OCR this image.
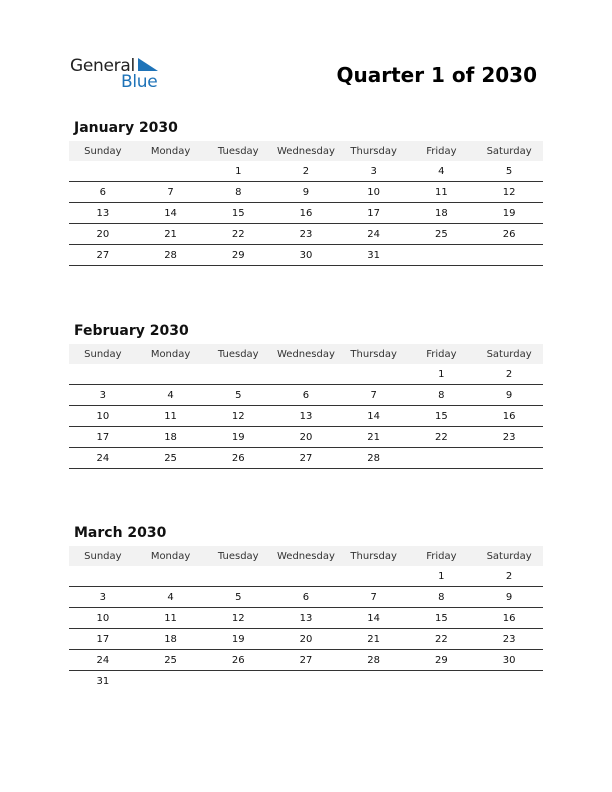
General
Blue	Quarter 1 of 2030
January 2030
Sunday	Monday	Tuesday	Wednesday	Thursday	Friday	Saturday
		1	2	3	4	5
6	7	8	9	10	11	12
13	14	15	16	17	18	19
20	21	22	23	24	25	26
27	28	29	30	31		
February 2030
Sunday	Monday	Tuesday	Wednesday	Thursday	Friday	Saturday
					1	2
3	4	5	6	7	8	9
10	11	12	13	14	15	16
17	18	19	20	21	22	23
24	25	26	27	28		
March 2030
Sunday	Monday	Tuesday	Wednesday	Thursday	Friday	Saturday
					1	2
3	4	5	6	7	8	9
10	11	12	13	14	15	16
17	18	19	20	21	22	23
24	25	26	27	28	29	30
31						
